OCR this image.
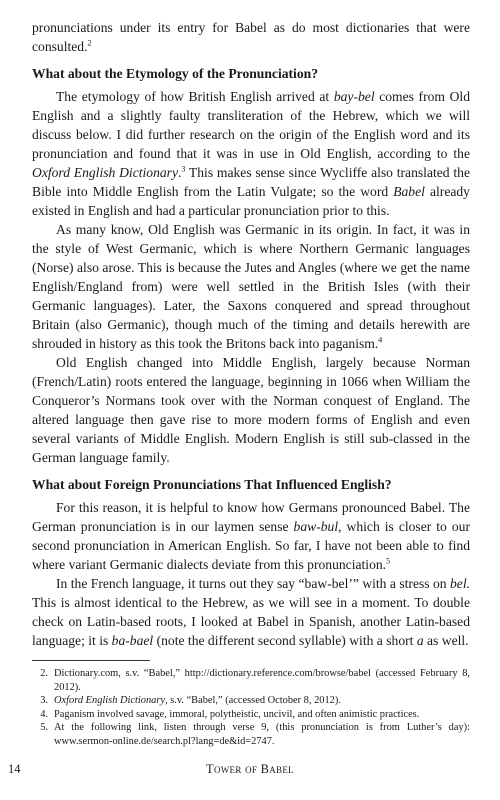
pronunciations under its entry for Babel as do most dictionaries that were consulted.$^2$

What about the Etymology of the Pronunciation?

The etymology of how British English arrived at bay-bel comes from Old English and a slightly faulty transliteration of the Hebrew, which we will discuss below. I did further research on the origin of the English word and its pronunciation and found that it was in use in Old English, according to the Oxford English Dictionary.$^3$ This makes sense since Wycliffe also translated the Bible into Middle English from the Latin Vulgate; so the word Babel already existed in English and had a particular pronunciation prior to this.

As many know, Old English was Germanic in its origin. In fact, it was in the style of West Germanic, which is where Northern Germanic languages (Norse) also arose. This is because the Jutes and Angles (where we get the name English/England from) were well settled in the British Isles (with their Germanic languages). Later, the Saxons conquered and spread throughout Britain (also Germanic), though much of the timing and details herewith are shrouded in history as this took the Britons back into paganism.$^4$

Old English changed into Middle English, largely because Norman (French/Latin) roots entered the language, beginning in 1066 when William the Conqueror’s Normans took over with the Norman conquest of England. The altered language then gave rise to more modern forms of English and even several variants of Middle English. Modern English is still sub-classed in the German language family.

What about Foreign Pronunciations That Influenced English?

For this reason, it is helpful to know how Germans pronounced Babel. The German pronunciation is in our laymen sense baw-bul, which is closer to our second pronunciation in American English. So far, I have not been able to find where variant Germanic dialects deviate from this pronunciation.$^5$

In the French language, it turns out they say “baw-bel’” with a stress on bel. This is almost identical to the Hebrew, as we will see in a moment. To double check on Latin-based roots, I looked at Babel in Spanish, another Latin-based language; it is ba-bael (note the different second syllable) with a short a as well.

2. Dictionary.com, s.v. “Babel,” http://dictionary.reference.com/browse/babel (accessed February 8, 2012).
3. Oxford English Dictionary, s.v. “Babel,” (accessed October 8, 2012).
4. Paganism involved savage, immoral, polytheistic, uncivil, and often animistic practices.
5. At the following link, listen through verse 9, (this pronunciation is from Luther’s day): www.sermon-online.de/search.pl?lang=de&id=2747.
14	Tower of Babel
